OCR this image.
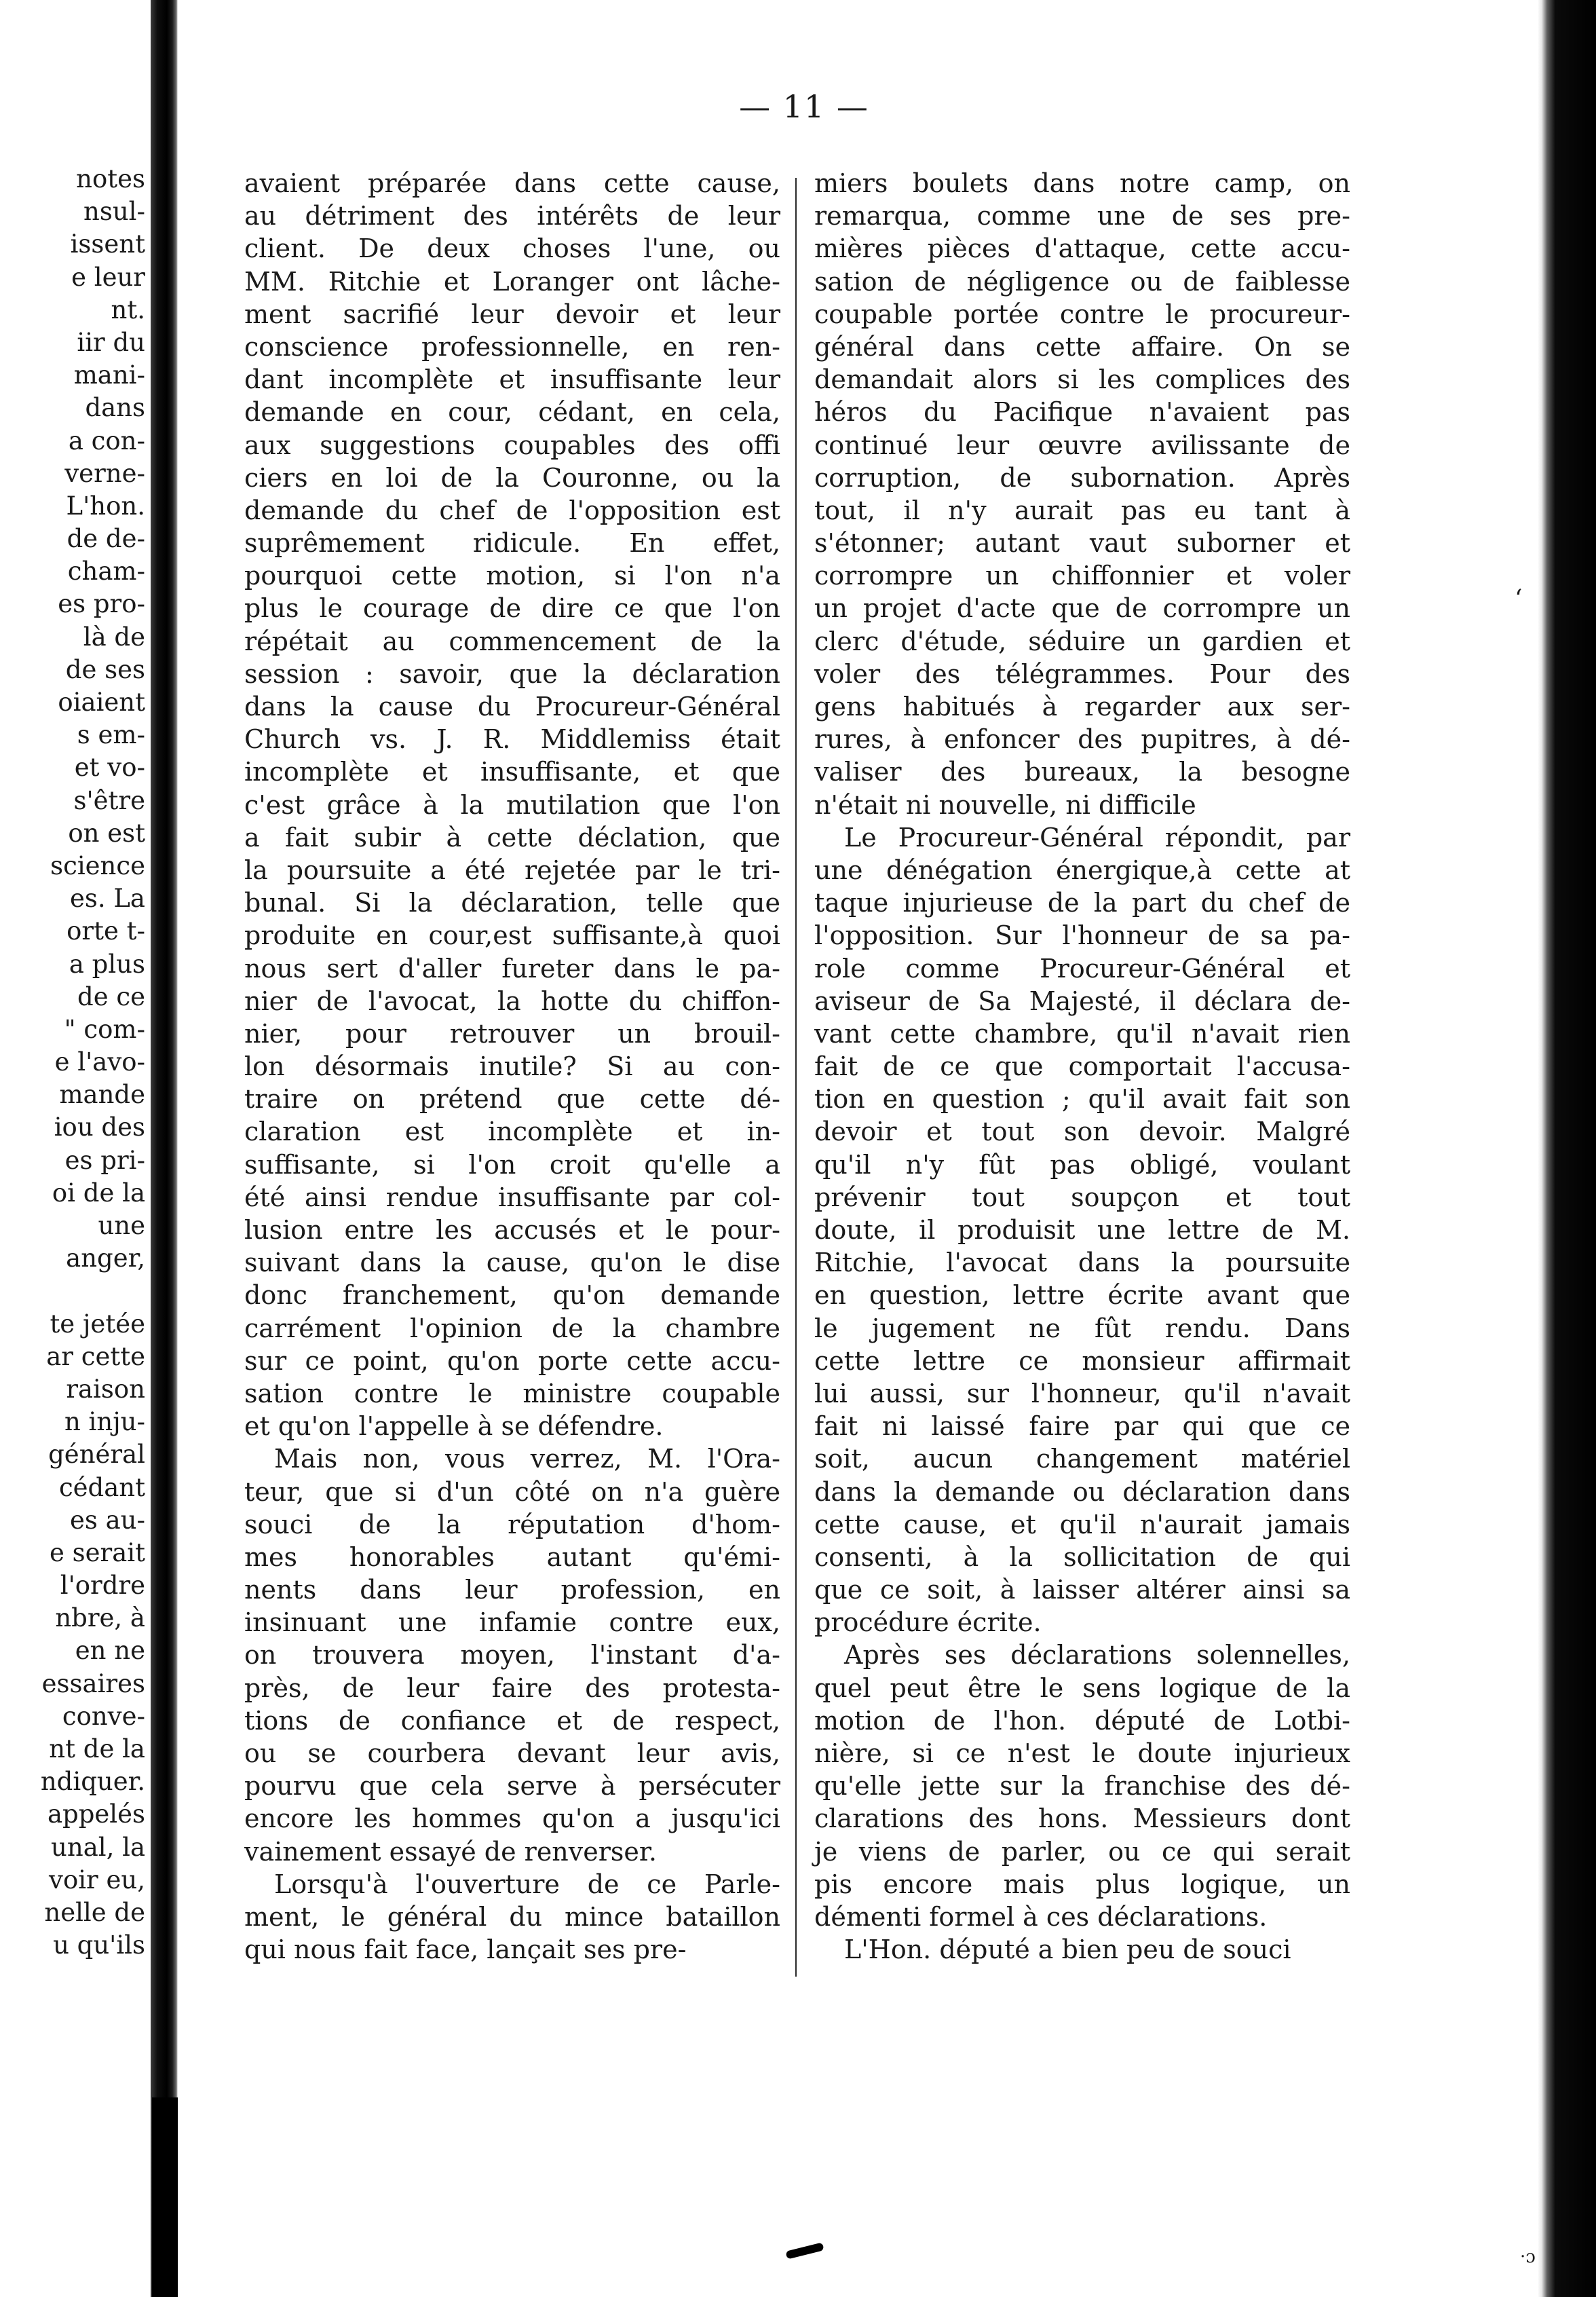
notes
nsul-
issent
e leur
nt.
iir du
mani-
dans
a con-
verne-
L'hon.
de de-
cham-
es pro-
là de
de ses
oiaient
s em-
et vo-
s'être
on est
science
es. La
orte t-
a plus
de ce
" com-
e l'avo-
mande
iou des
es pri-
oi de la
une
anger,
te jetée
ar cette
raison
n inju-
général
cédant
es au-
e serait
l'ordre
nbre, à
en ne
essaires
conve-
nt de la
ndiquer.
appelés
unal, la
voir eu,
nelle de
u qu'ils
— 11 —
avaient préparée dans cette cause,
au détriment des intérêts de leur
client. De deux choses l'une, ou
MM. Ritchie et Loranger ont lâche-
ment sacrifié leur devoir et leur
conscience professionnelle, en ren-
dant incomplète et insuffisante leur
demande en cour, cédant, en cela,
aux suggestions coupables des offi
ciers en loi de la Couronne, ou la
demande du chef de l'opposition est
suprêmement ridicule. En effet,
pourquoi cette motion, si l'on n'a
plus le courage de dire ce que l'on
répétait au commencement de la
session : savoir, que la déclaration
dans la cause du Procureur-Général
Church vs. J. R. Middlemiss était
incomplète et insuffisante, et que
c'est grâce à la mutilation que l'on
a fait subir à cette déclation, que
la poursuite a été rejetée par le tri-
bunal. Si la déclaration, telle que
produite en cour,est suffisante,à quoi
nous sert d'aller fureter dans le pa-
nier de l'avocat, la hotte du chiffon-
nier, pour retrouver un brouil-
lon désormais inutile? Si au con-
traire on prétend que cette dé-
claration est incomplète et in-
suffisante, si l'on croit qu'elle a
été ainsi rendue insuffisante par col-
lusion entre les accusés et le pour-
suivant dans la cause, qu'on le dise
donc franchement, qu'on demande
carrément l'opinion de la chambre
sur ce point, qu'on porte cette accu-
sation contre le ministre coupable
et qu'on l'appelle à se défendre.
Mais non, vous verrez, M. l'Ora-
teur, que si d'un côté on n'a guère
souci de la réputation d'hom-
mes honorables autant qu'émi-
nents dans leur profession, en
insinuant une infamie contre eux,
on trouvera moyen, l'instant d'a-
près, de leur faire des protesta-
tions de confiance et de respect,
ou se courbera devant leur avis,
pourvu que cela serve à persécuter
encore les hommes qu'on a jusqu'ici
vainement essayé de renverser.
Lorsqu'à l'ouverture de ce Parle-
ment, le général du mince bataillon
qui nous fait face, lançait ses pre-
miers boulets dans notre camp, on
remarqua, comme une de ses pre-
mières pièces d'attaque, cette accu-
sation de négligence ou de faiblesse
coupable portée contre le procureur-
général dans cette affaire. On se
demandait alors si les complices des
héros du Pacifique n'avaient pas
continué leur œuvre avilissante de
corruption, de subornation. Après
tout, il n'y aurait pas eu tant à
s'étonner; autant vaut suborner et
corrompre un chiffonnier et voler
un projet d'acte que de corrompre un
clerc d'étude, séduire un gardien et
voler des télégrammes. Pour des
gens habitués à regarder aux ser-
rures, à enfoncer des pupitres, à dé-
valiser des bureaux, la besogne
n'était ni nouvelle, ni difficile
Le Procureur-Général répondit, par
une dénégation énergique,à cette at
taque injurieuse de la part du chef de
l'opposition. Sur l'honneur de sa pa-
role comme Procureur-Général et
aviseur de Sa Majesté, il déclara de-
vant cette chambre, qu'il n'avait rien
fait de ce que comportait l'accusa-
tion en question ; qu'il avait fait son
devoir et tout son devoir. Malgré
qu'il n'y fût pas obligé, voulant
prévenir tout soupçon et tout
doute, il produisit une lettre de M.
Ritchie, l'avocat dans la poursuite
en question, lettre écrite avant que
le jugement ne fût rendu. Dans
cette lettre ce monsieur affirmait
lui aussi, sur l'honneur, qu'il n'avait
fait ni laissé faire par qui que ce
soit, aucun changement matériel
dans la demande ou déclaration dans
cette cause, et qu'il n'aurait jamais
consenti, à la sollicitation de qui
que ce soit, à laisser altérer ainsi sa
procédure écrite.
Après ses déclarations solennelles,
quel peut être le sens logique de la
motion de l'hon. député de Lotbi-
nière, si ce n'est le doute injurieux
qu'elle jette sur la franchise des dé-
clarations des hons. Messieurs dont
je viens de parler, ou ce qui serait
pis encore mais plus logique, un
démenti formel à ces déclarations.
L'Hon. député a bien peu de souci
ʻ
·ɔ
